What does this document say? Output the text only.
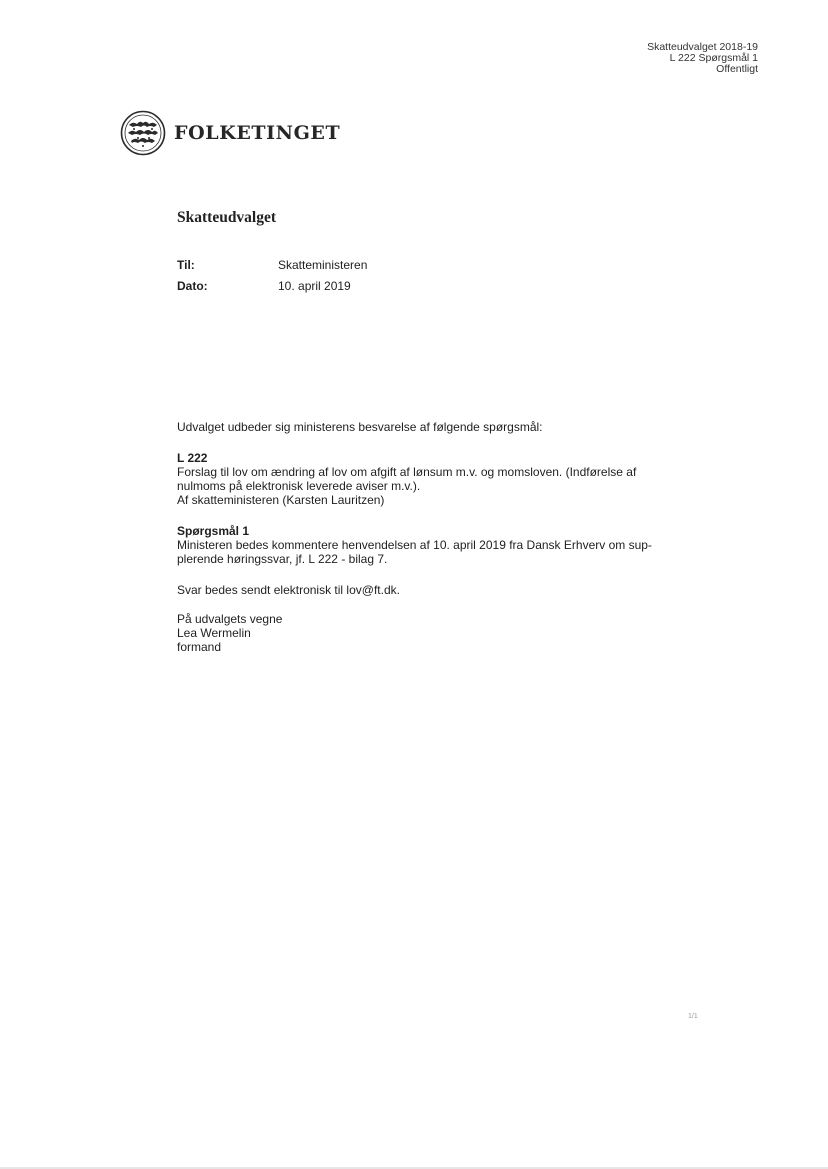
Skatteudvalget 2018-19
L 222 Spørgsmål 1
Offentligt
FOLKETINGET
Skatteudvalget
Til:	Skatteministeren
Dato:	10. april 2019

Udvalget udbeder sig ministerens besvarelse af følgende spørgsmål:

L 222
Forslag til lov om ændring af lov om afgift af lønsum m.v. og momsloven. (Indførelse af
nulmoms på elektronisk leverede aviser m.v.).
Af skatteministeren (Karsten Lauritzen)

Spørgsmål 1
Ministeren bedes kommentere henvendelsen af 10. april 2019 fra Dansk Erhverv om sup-
plerende høringssvar, jf. L 222 - bilag 7.

Svar bedes sendt elektronisk til lov@ft.dk.

På udvalgets vegne
Lea Wermelin
formand

1/1
